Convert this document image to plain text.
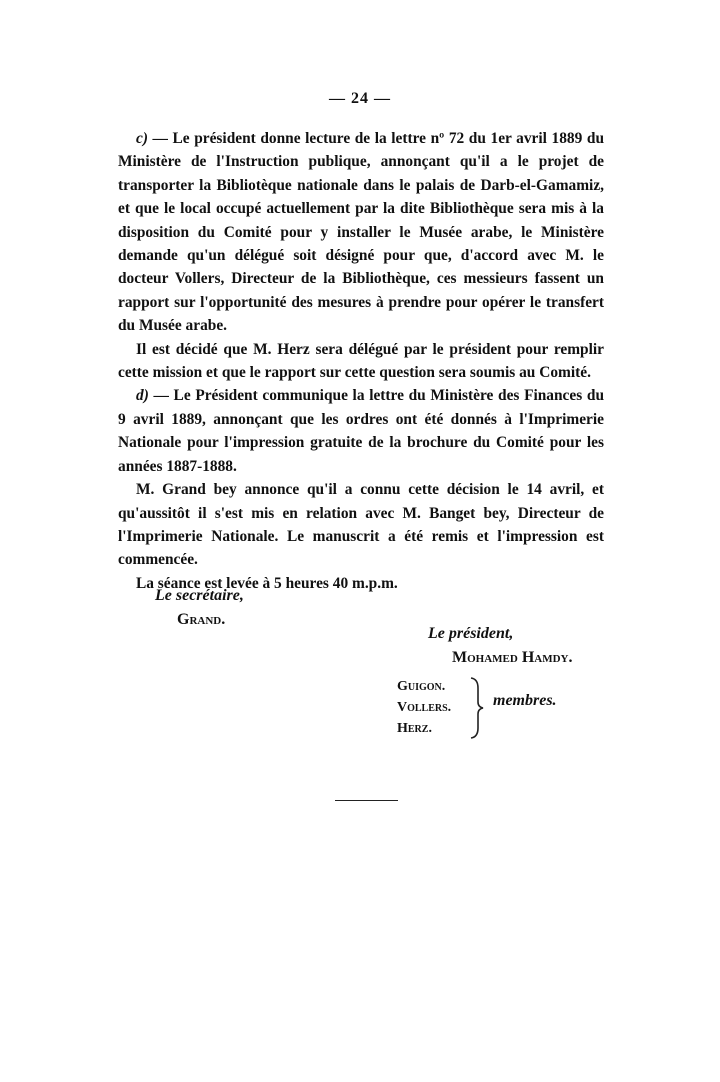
— 24 —

c) — Le président donne lecture de la lettre nº 72 du 1er avril 1889 du Ministère de l'Instruction publique, annonçant qu'il a le projet de transporter la Bibliotèque nationale dans le palais de Darb-el-Gamamiz, et que le local occupé actuellement par la dite Bibliothèque sera mis à la disposition du Comité pour y installer le Musée arabe, le Ministère demande qu'un délégué soit désigné pour que, d'accord avec M. le docteur Vollers, Directeur de la Bibliothèque, ces messieurs fassent un rapport sur l'opportunité des mesures à prendre pour opérer le transfert du Musée arabe.

Il est décidé que M. Herz sera délégué par le président pour remplir cette mission et que le rapport sur cette question sera soumis au Comité.

d) — Le Président communique la lettre du Ministère des Finances du 9 avril 1889, annonçant que les ordres ont été donnés à l'Imprimerie Nationale pour l'impression gratuite de la brochure du Comité pour les années 1887-1888.

M. Grand bey annonce qu'il a connu cette décision le 14 avril, et qu'aussitôt il s'est mis en relation avec M. Banget bey, Directeur de l'Imprimerie Nationale. Le manuscrit a été remis et l'impression est commencée.

La séance est levée à 5 heures 40 m.p.m.

Le secrétaire,
Grand.
Le président,
Mohamed Hamdy.
Guigon.
Vollers.
Herz.
membres.
